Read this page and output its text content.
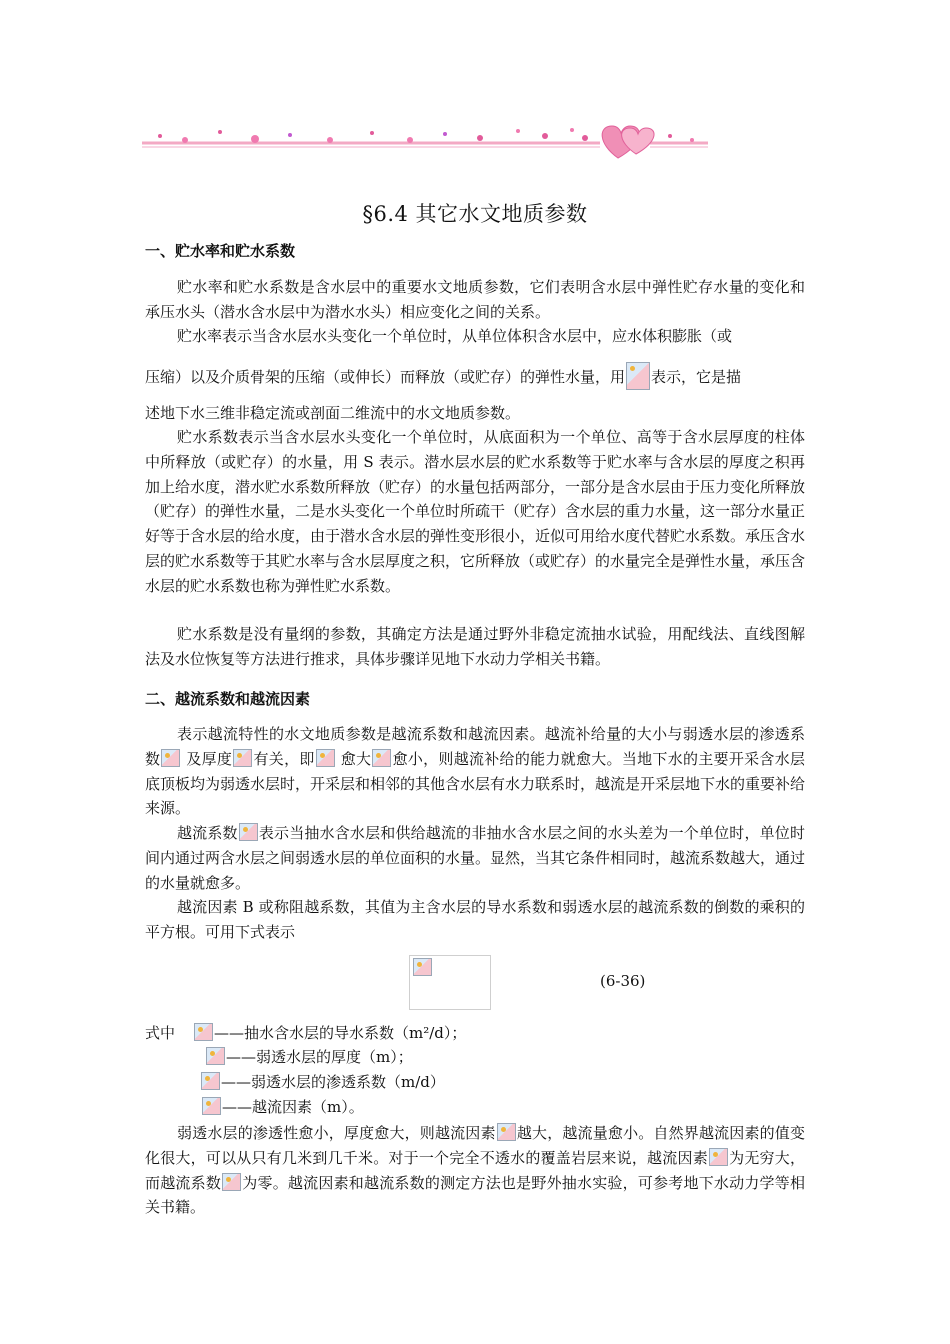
§6.4 其它水文地质参数
一、贮水率和贮水系数

贮水率和贮水系数是含水层中的重要水文地质参数，它们表明含水层中弹性贮存水量的变化和承压水头（潜水含水层中为潜水水头）相应变化之间的关系。

贮水率表示当含水层水头变化一个单位时，从单位体积含水层中，应水体积膨胀（或
压缩）以及介质骨架的压缩（或伸长）而释放（或贮存）的弹性水量，用 表示，它是描
述地下水三维非稳定流或剖面二维流中的水文地质参数。

贮水系数表示当含水层水头变化一个单位时，从底面积为一个单位、高等于含水层厚度的柱体中所释放（或贮存）的水量，用 S 表示。潜水层水层的贮水系数等于贮水率与含水层的厚度之积再加上给水度，潜水贮水系数所释放（贮存）的水量包括两部分，一部分是含水层由于压力变化所释放（贮存）的弹性水量，二是水头变化一个单位时所疏干（贮存）含水层的重力水量，这一部分水量正好等于含水层的给水度，由于潜水含水层的弹性变形很小，近似可用给水度代替贮水系数。承压含水层的贮水系数等于其贮水率与含水层厚度之积，它所释放（或贮存）的水量完全是弹性水量，承压含水层的贮水系数也称为弹性贮水系数。

贮水系数是没有量纲的参数，其确定方法是通过野外非稳定流抽水试验，用配线法、直线图解法及水位恢复等方法进行推求，具体步骤详见地下水动力学相关书籍。

二、越流系数和越流因素

表示越流特性的水文地质参数是越流系数和越流因素。越流补给量的大小与弱透水层的渗透系数 及厚度 有关，即 愈大 愈小，则越流补给的能力就愈大。当地下水的主要开采含水层底顶板均为弱透水层时，开采层和相邻的其他含水层有水力联系时，越流是开采层地下水的重要补给来源。

越流系数 表示当抽水含水层和供给越流的非抽水含水层之间的水头差为一个单位时，单位时间内通过两含水层之间弱透水层的单位面积的水量。显然，当其它条件相同时，越流系数越大，通过的水量就愈多。

越流因素 B 或称阻越系数，其值为主含水层的导水系数和弱透水层的越流系数的倒数的乘积的平方根。可用下式表示

(6-36)
式中	——抽水含水层的导水系数（m²/d）；
——弱透水层的厚度（m）；
——弱透水层的渗透系数（m/d）
——越流因素（m）。

弱透水层的渗透性愈小，厚度愈大，则越流因素 越大，越流量愈小。自然界越流因素的值变化很大，可以从只有几米到几千米。对于一个完全不透水的覆盖岩层来说，越流因素 为无穷大，而越流系数 为零。越流因素和越流系数的测定方法也是野外抽水实验，可参考地下水动力学等相关书籍。
